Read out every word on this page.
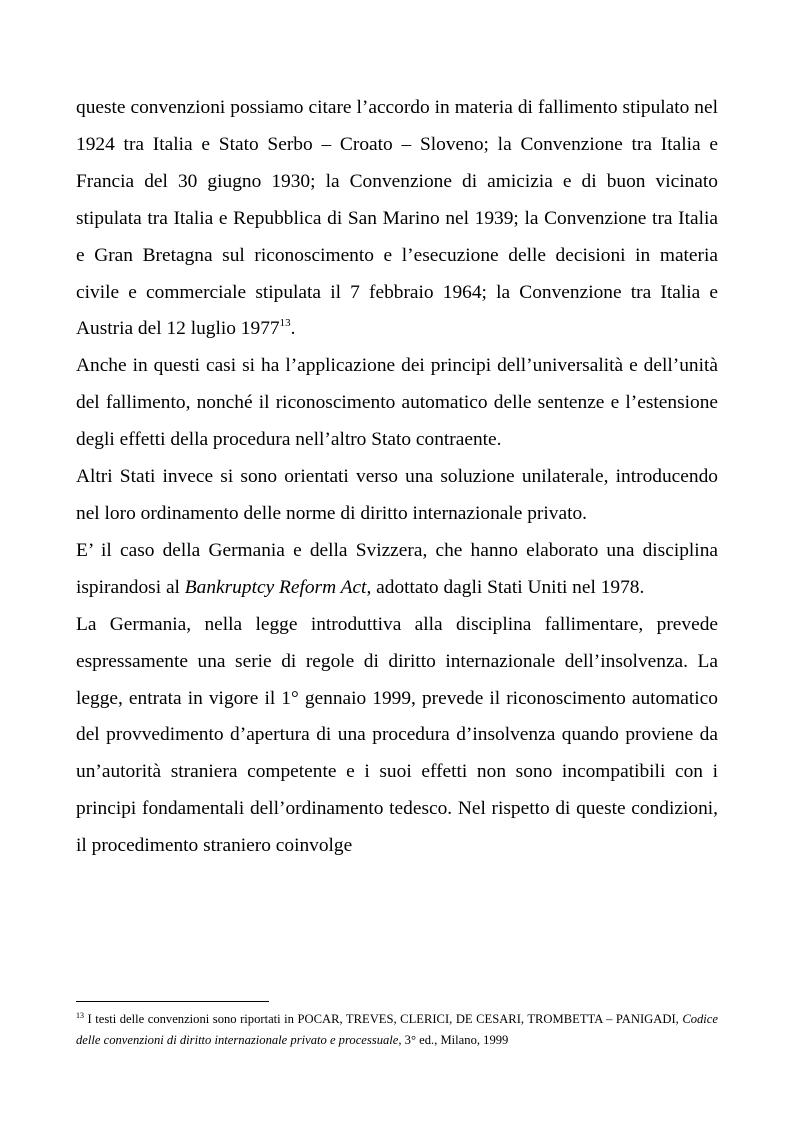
queste convenzioni possiamo citare l’accordo in materia di fallimento stipulato nel 1924 tra Italia e Stato Serbo – Croato – Sloveno; la Convenzione tra Italia e Francia del 30 giugno 1930; la Convenzione di amicizia e di buon vicinato stipulata tra Italia e Repubblica di San Marino nel 1939; la Convenzione tra Italia e Gran Bretagna sul riconoscimento e l’esecuzione delle decisioni in materia civile e commerciale stipulata il 7 febbraio 1964; la Convenzione tra Italia e Austria del 12 luglio 1977$^{13}$.

Anche in questi casi si ha l’applicazione dei principi dell’universalità e dell’unità del fallimento, nonché il riconoscimento automatico delle sentenze e l’estensione degli effetti della procedura nell’altro Stato contraente.

Altri Stati invece si sono orientati verso una soluzione unilaterale, introducendo nel loro ordinamento delle norme di diritto internazionale privato.

E’ il caso della Germania e della Svizzera, che hanno elaborato una disciplina ispirandosi al Bankruptcy Reform Act, adottato dagli Stati Uniti nel 1978.

La Germania, nella legge introduttiva alla disciplina fallimentare, prevede espressamente una serie di regole di diritto internazionale dell’insolvenza. La legge, entrata in vigore il 1° gennaio 1999, prevede il riconoscimento automatico del provvedimento d’apertura di una procedura d’insolvenza quando proviene da un’autorità straniera competente e i suoi effetti non sono incompatibili con i principi fondamentali dell’ordinamento tedesco. Nel rispetto di queste condizioni, il procedimento straniero coinvolge

$^{13}$ I testi delle convenzioni sono riportati in POCAR, TREVES, CLERICI, DE CESARI, TROMBETTA – PANIGADI, Codice delle convenzioni di diritto internazionale privato e processuale, 3° ed., Milano, 1999
